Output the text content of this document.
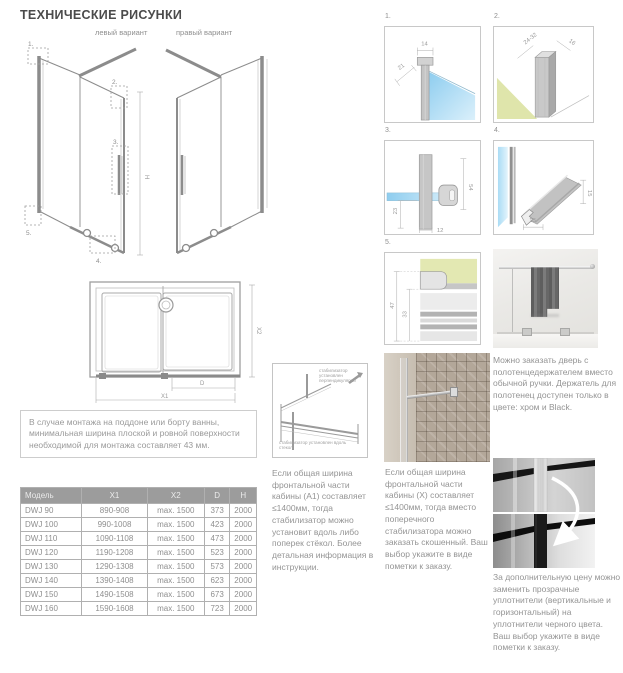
ТЕХНИЧЕСКИЕ РИСУНКИ
левый вариант	правый вариант
H
1.
2.
3.
4.
5.
X2
D
X1
В случае монтажа на поддоне или борту ванны, минимальная ширина плоской и ровной поверхности необходимой для монтажа составляет 43 мм.
Модель	X1	X2	D	H
DWJ 90	890-908	max. 1500	373	2000
DWJ 100	990-1008	max. 1500	423	2000
DWJ 110	1090-1108	max. 1500	473	2000
DWJ 120	1190-1208	max. 1500	523	2000
DWJ 130	1290-1308	max. 1500	573	2000
DWJ 140	1390-1408	max. 1500	623	2000
DWJ 150	1490-1508	max. 1500	673	2000
DWJ 160	1590-1608	max. 1500	723	2000
стабилизатор установлен перпендикулярно
стабилизатор установлен вдоль стекол
1.
14
21
2.
24-32	16
3.
23
54
12
4.
13
15
5.
47
33
Можно заказать дверь с полотенцедержателем вместо обычной ручки. Держатель для полотенец доступен только в цвете: хром и Black.
Если общая ширина фронтальной части кабины (X) составляет ≤1400мм, тогда вместо поперечного стабилизатора можно заказать скошенный. Ваш выбор укажите в виде пометки к заказу.
Если общая ширина фронтальной части кабины (А1) составляет ≤1400мм, тогда стабилизатор можно установит вдоль либо поперек стёкол. Более детальная информация в инструкции.
За дополнительную цену можно заменить прозрачные уплотнители (вертикальные и горизонтальный) на уплотнители черного цвета. Ваш выбор укажите в виде пометки к заказу.
